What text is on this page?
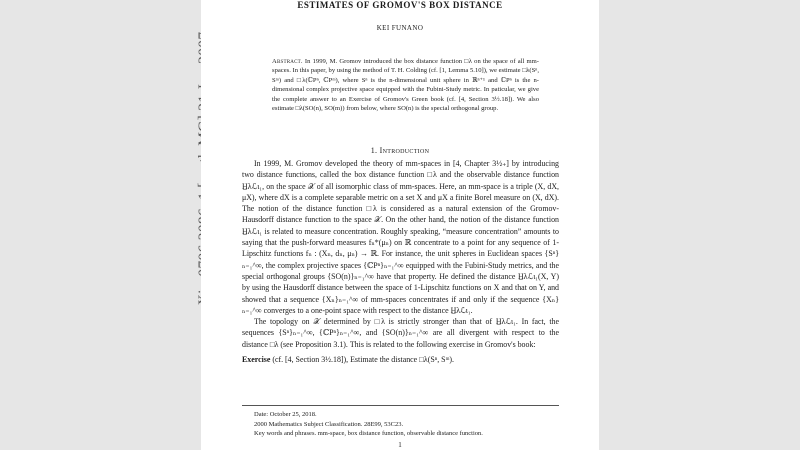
ESTIMATES OF GROMOV'S BOX DISTANCE

KEI FUNANO

Abstract. In 1999, M. Gromov introduced the box distance function □λ on the space of all mm-spaces. In this paper, by using the method of T. H. Colding (cf. [1, Lemma 5.10]), we estimate □λ(Sⁿ, Sᵐ) and □λ(ℂPⁿ, ℂPᵐ), where Sⁿ is the n-dimensional unit sphere in ℝⁿ⁺¹ and ℂPⁿ is the n-dimensional complex projective space equipped with the Fubini-Study metric. In paticular, we give the complete answer to an Exercise of Gromov's Green book (cf. [4, Section 3½.18]). We also estimate □λ(SO(n), SO(m)) from below, where SO(n) is the special orthogonal group.

1. Introduction

In 1999, M. Gromov developed the theory of mm-spaces in [4, Chapter 3½₊] by introducing two distance functions, called the box distance function □λ and the observable distance function H̲λℒι₁, on the space 𝒳 of all isomorphic class of mm-spaces. Here, an mm-space is a triple (X, dX, μX), where dX is a complete separable metric on a set X and μX a finite Borel measure on (X, dX). The notion of the distance function □λ is considered as a natural extension of the Gromov-Hausdorff distance function to the space 𝒳. On the other hand, the notion of the distance function H̲λℒι₁ is related to measure concentration. Roughly speaking, “measure concentration” amounts to saying that the push-forward measures fₙ*(μₙ) on ℝ concentrate to a point for any sequence of 1-Lipschitz functions fₙ : (Xₙ, dₙ, μₙ) → ℝ. For instance, the unit spheres in Euclidean spaces {Sⁿ}ₙ₌₁^∞, the complex projective spaces {ℂPⁿ}ₙ₌₁^∞ equipped with the Fubini-Study metrics, and the special orthogonal groups {SO(n)}ₙ₌₁^∞ have that property. He defined the distance H̲λℒι₁(X, Y) by using the Hausdorff distance between the space of 1-Lipschitz functions on X and that on Y, and showed that a sequence {Xₙ}ₙ₌₁^∞ of mm-spaces concentrates if and only if the sequence {Xₙ}ₙ₌₁^∞ converges to a one-point space with respect to the distance H̲λℒι₁.

The topology on 𝒳 determined by □λ is strictly stronger than that of H̲λℒι₁. In fact, the sequences {Sⁿ}ₙ₌₁^∞, {ℂPⁿ}ₙ₌₁^∞, and {SO(n)}ₙ₌₁^∞ are all divergent with respect to the distance □λ (see Proposition 3.1). This is related to the following exercise in Gromov's book:

Exercise (cf. [4, Section 3½.18]), Estimate the distance □λ(Sⁿ, Sᵐ).

Date: October 25, 2018.
2000 Mathematics Subject Classification. 28E99, 53C23.
Key words and phrases. mm-space, box distance function, observable distance function.

1
